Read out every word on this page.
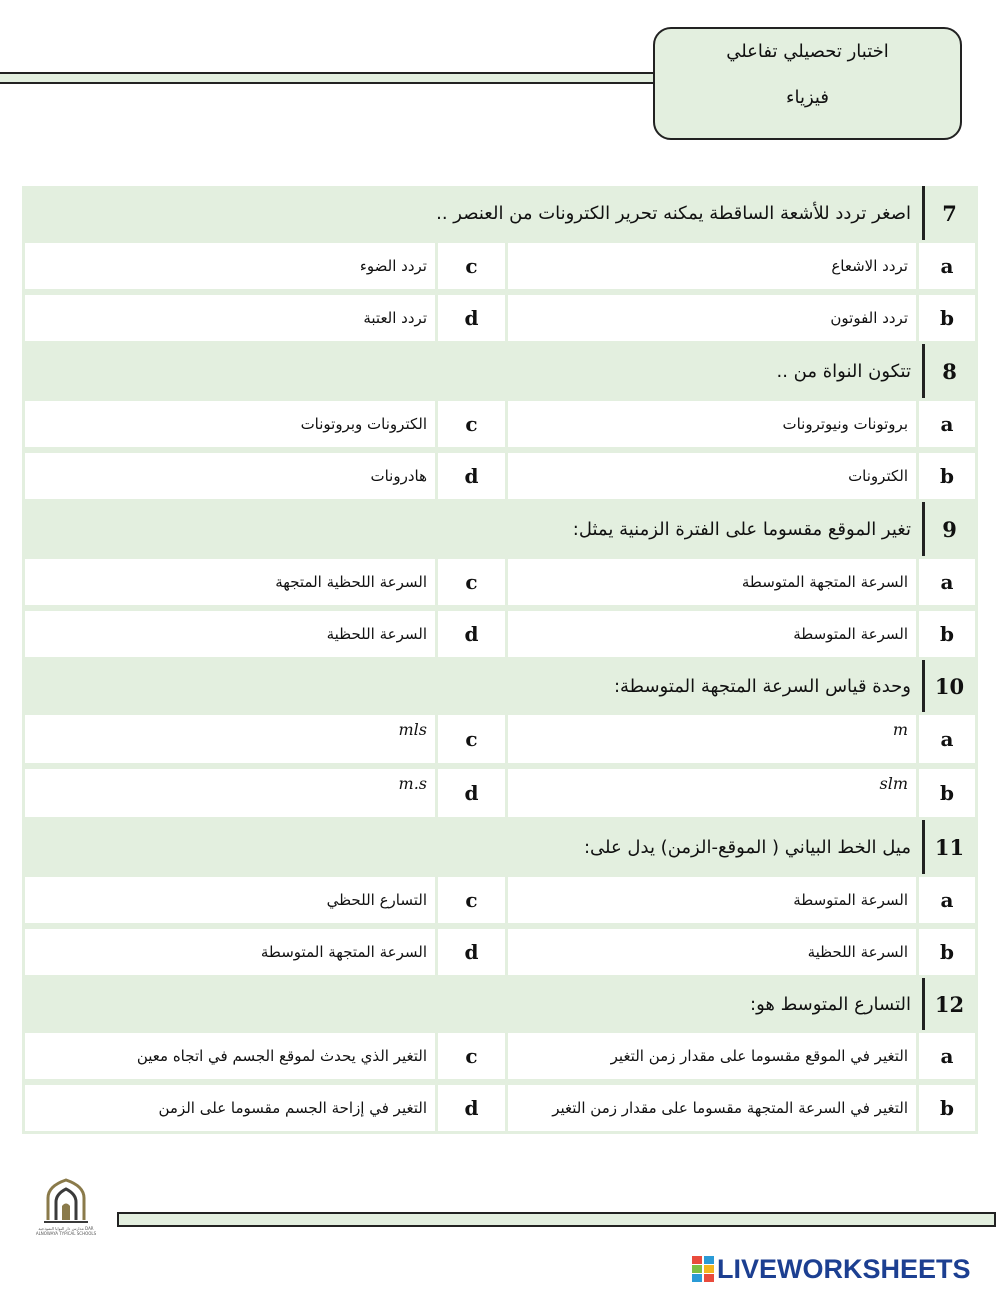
اختبار تحصيلي تفاعلي
فيزياء
7
اصغر تردد للأشعة الساقطة يمكنه تحرير الكترونات من العنصر ..
a
تردد الاشعاع
c
تردد الضوء
b
تردد الفوتون
d
تردد العتبة
8
تتكون النواة من ..
a
بروتونات ونيوترونات
c
الكترونات وبروتونات
b
الكترونات
d
هادرونات
9
تغير الموقع مقسوما على الفترة الزمنية يمثل:
a
السرعة المتجهة المتوسطة
c
السرعة اللحظية المتجهة
b
السرعة المتوسطة
d
السرعة اللحظية
10
وحدة قياس السرعة المتجهة المتوسطة:
a
m
c
mls
b
slm
d
m.s
11
ميل الخط البياني ( الموقع-الزمن) يدل على:
a
السرعة المتوسطة
c
التسارع اللحظي
b
السرعة اللحظية
d
السرعة المتجهة المتوسطة
12
التسارع المتوسط هو:
a
التغير في الموقع مقسوما على مقدار زمن التغير
c
التغير الذي يحدث لموقع الجسم في اتجاه معين
b
التغير في السرعة المتجهة مقسوما على مقدار زمن التغير
d
التغير في إزاحة الجسم مقسوما على الزمن
مدارس دار النوايا النموذجية DAR ALNOWAYA TYPICAL SCHOOLS
LIVEWORKSHEETS
